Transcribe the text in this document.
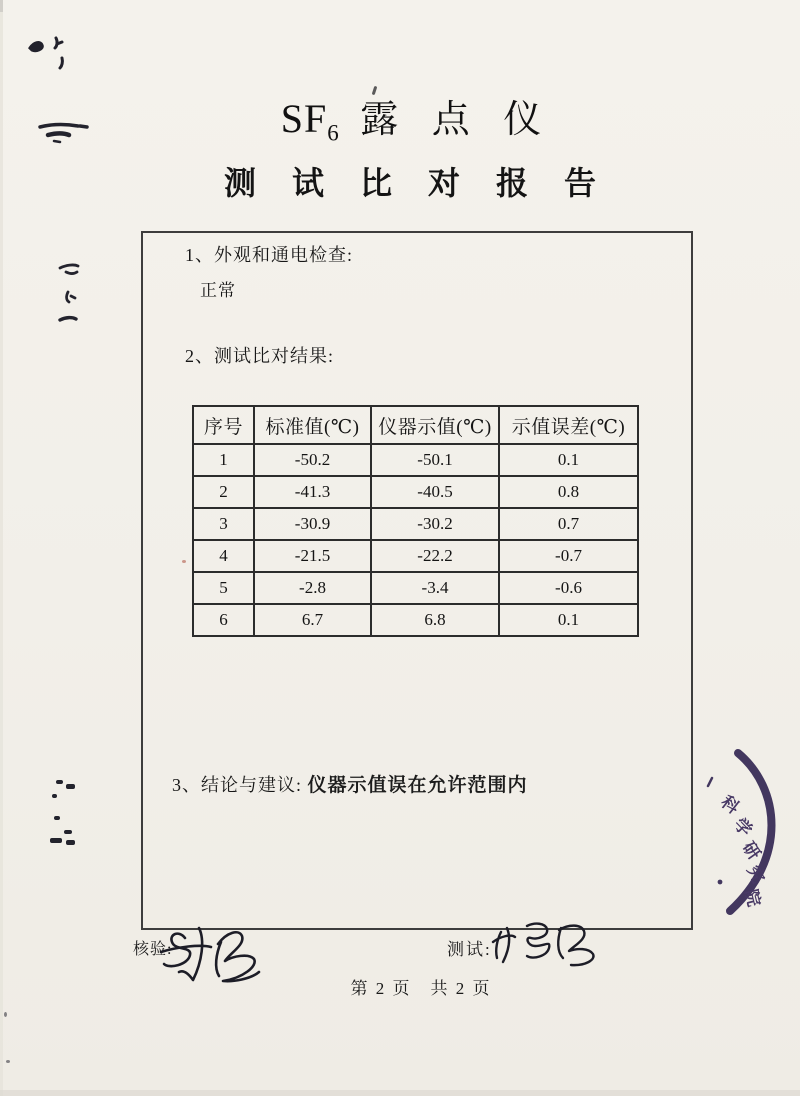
$SF_6$ 露 点 仪
测 试 比 对 报 告
1、外观和通电检查:
正常
2、测试比对结果:
序号	标准值(℃)	仪器示值(℃)	示值误差(℃)
1	-50.2	-50.1	0.1
2	-41.3	-40.5	0.8
3	-30.9	-30.2	0.7
4	-21.5	-22.2	-0.7
5	-2.8	-3.4	-0.6
6	6.7	6.8	0.1
3、结论与建议: 仪器示值误在允许范围内
核验:	测试:
第 2 页　共 2 页
科
学
研
究
院
